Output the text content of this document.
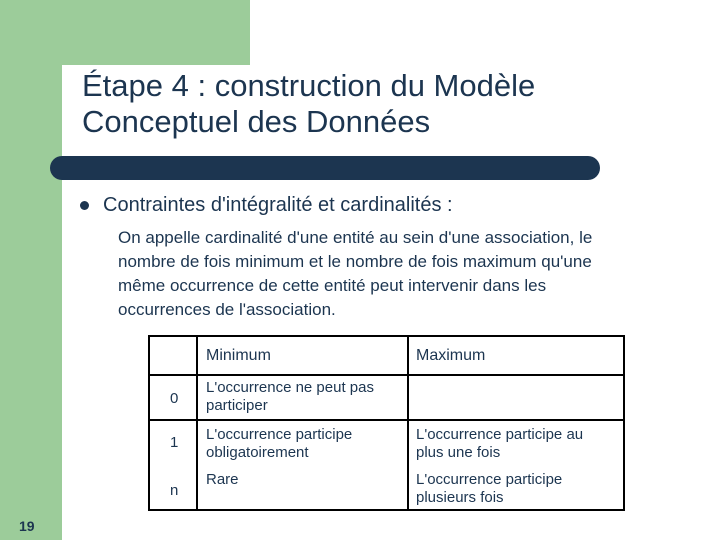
Étape 4 : construction du Modèle
Conceptuel des Données
Contraintes d'intégralité et cardinalités :
On appelle cardinalité d'une entité au sein d'une association, le
nombre de fois minimum et le nombre de fois maximum qu'une
même occurrence de cette entité peut intervenir dans les
occurrences de l'association.
Minimum	Maximum
0
L'occurrence ne peut pas
participer
1 L'occurrence participe
obligatoirement
L'occurrence participe au
plus une fois
n
Rare	L'occurrence participe
plusieurs fois
19
